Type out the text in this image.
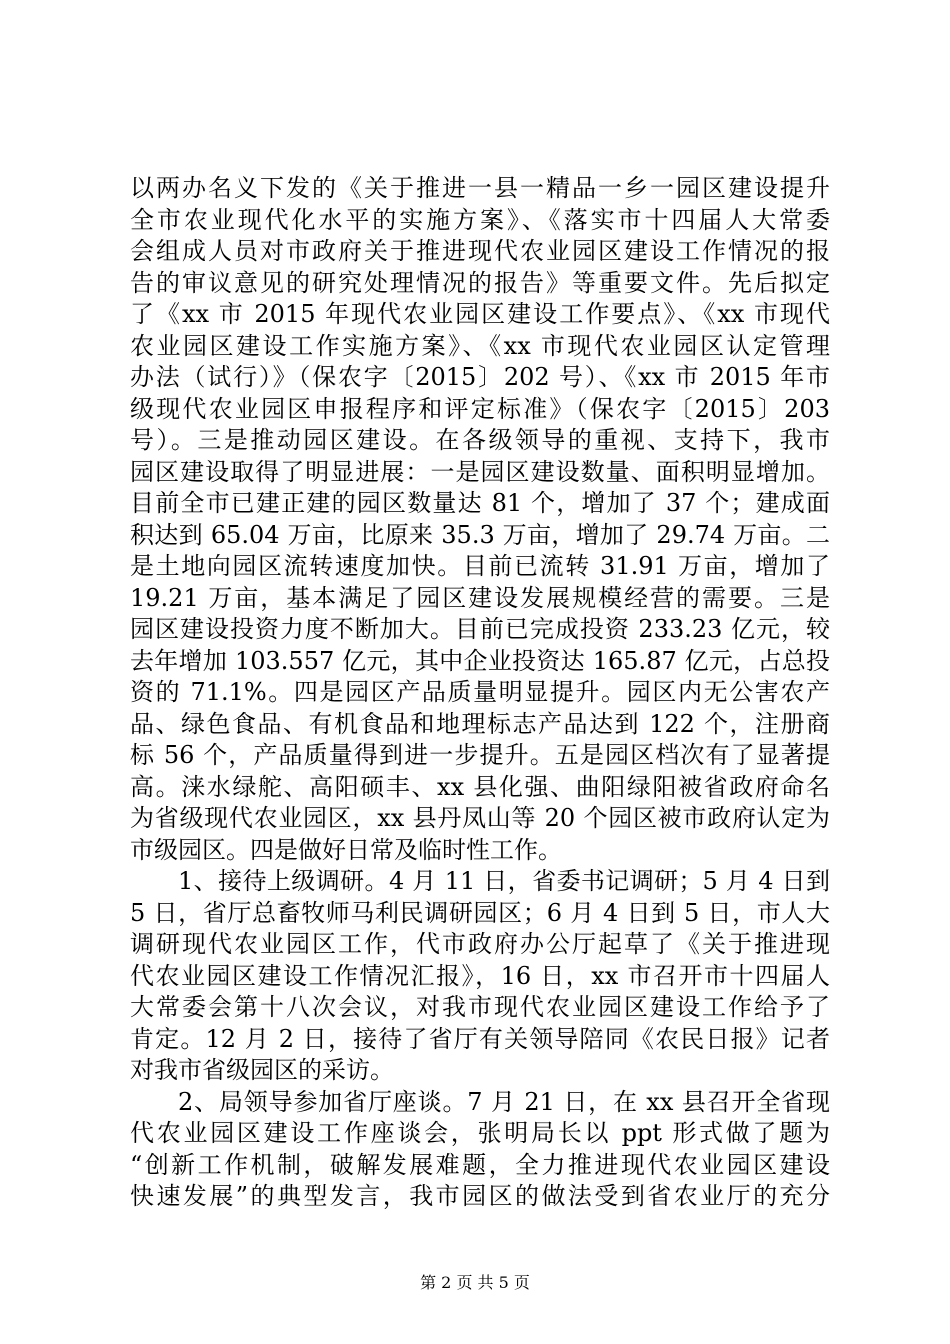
以两办名义下发的《关于推进一县一精品一乡一园区建设提升
全市农业现代化水平的实施方案》、《落实市十四届人大常委
会组成人员对市政府关于推进现代农业园区建设工作情况的报
告的审议意见的研究处理情况的报告》等重要文件。先后拟定
了《xx 市 2015 年现代农业园区建设工作要点》、《xx 市现代
农业园区建设工作实施方案》、《xx 市现代农业园区认定管理
办法（试行）》（保农字〔2015〕202 号）、《xx 市 2015 年市
级现代农业园区申报程序和评定标准》（保农字〔2015〕203
号）。三是推动园区建设。在各级领导的重视、支持下，我市
园区建设取得了明显进展：一是园区建设数量、面积明显增加。
目前全市已建正建的园区数量达 81 个，增加了 37 个；建成面
积达到 65.04 万亩，比原来 35.3 万亩，增加了 29.74 万亩。二
是土地向园区流转速度加快。目前已流转 31.91 万亩，增加了
19.21 万亩，基本满足了园区建设发展规模经营的需要。三是
园区建设投资力度不断加大。目前已完成投资 233.23 亿元，较
去年增加 103.557 亿元，其中企业投资达 165.87 亿元，占总投
资的 71.1%。四是园区产品质量明显提升。园区内无公害农产
品、绿色食品、有机食品和地理标志产品达到 122 个，注册商
标 56 个，产品质量得到进一步提升。五是园区档次有了显著提
高。涞水绿舵、高阳硕丰、xx 县化强、曲阳绿阳被省政府命名
为省级现代农业园区，xx 县丹凤山等 20 个园区被市政府认定为
市级园区。四是做好日常及临时性工作。
1、接待上级调研。4 月 11 日，省委书记调研；5 月 4 日到
5 日，省厅总畜牧师马利民调研园区；6 月 4 日到 5 日，市人大
调研现代农业园区工作，代市政府办公厅起草了《关于推进现
代农业园区建设工作情况汇报》，16 日，xx 市召开市十四届人
大常委会第十八次会议，对我市现代农业园区建设工作给予了
肯定。12 月 2 日，接待了省厅有关领导陪同《农民日报》记者
对我市省级园区的采访。
2、局领导参加省厅座谈。7 月 21 日，在 xx 县召开全省现
代农业园区建设工作座谈会，张明局长以 ppt 形式做了题为
“创新工作机制，破解发展难题，全力推进现代农业园区建设
快速发展”的典型发言，我市园区的做法受到省农业厅的充分
第 2 页 共 5 页
